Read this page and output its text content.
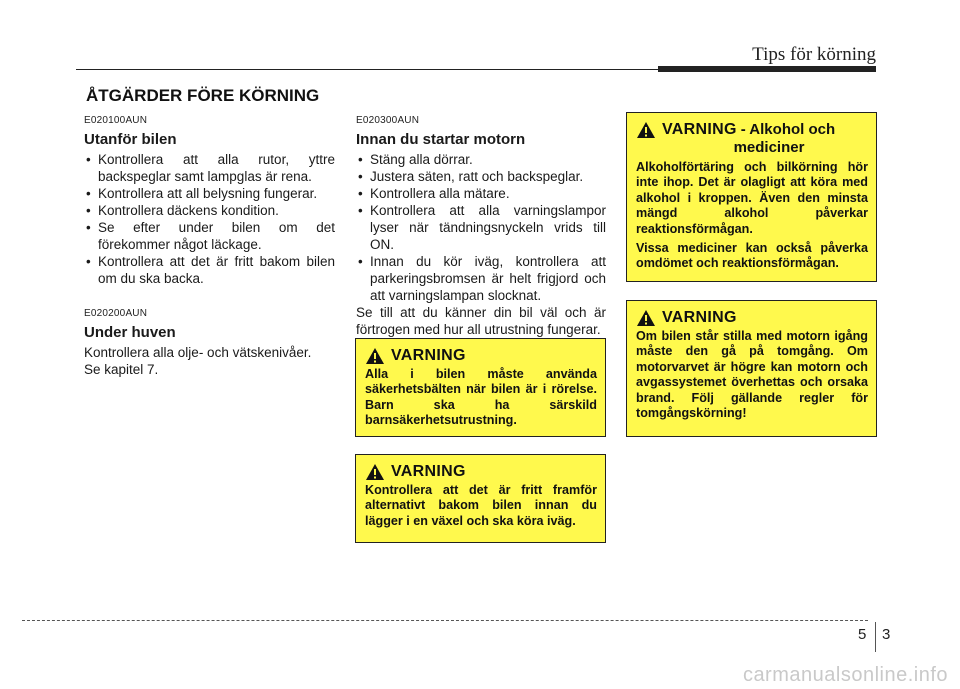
Tips för körning
ÅTGÄRDER FÖRE KÖRNING

E020100AUN

Utanför bilen

• Kontrollera att alla rutor, yttre backspeglar samt lampglas är rena.
• Kontrollera att all belysning fungerar.
• Kontrollera däckens kondition.
• Se efter under bilen om det förekommer något läckage.
• Kontrollera att det är fritt bakom bilen om du ska backa.

E020200AUN

Under huven

Kontrollera alla olje- och vätskenivåer.

Se kapitel 7.

E020300AUN

Innan du startar motorn

• Stäng alla dörrar.
• Justera säten, ratt och backspeglar.
• Kontrollera alla mätare.
• Kontrollera att alla varningslampor lyser när tändningsnyckeln vrids till ON.
• Innan du kör iväg, kontrollera att parkeringsbromsen är helt frigjord och att varningslampan slocknat.

Se till att du känner din bil väl och är förtrogen med hur all utrustning fungerar.

VARNING - Alkohol och
mediciner

Alkoholförtäring och bilkörning hör inte ihop. Det är olagligt att köra med alkohol i kroppen. Även den minsta mängd alkohol påverkar reaktionsförmågan.

Vissa mediciner kan också påverka omdömet och reaktionsförmågan.

VARNING

Om bilen står stilla med motorn igång måste den gå på tomgång. Om motorvarvet är högre kan motorn och avgassystemet överhettas och orsaka brand. Följ gällande regler för tomgångskörning!

VARNING

Alla i bilen måste använda säkerhetsbälten när bilen är i rörelse. Barn ska ha särskild barnsäkerhetsutrustning.

VARNING

Kontrollera att det är fritt framför alternativt bakom bilen innan du lägger i en växel och ska köra iväg.

5 3
carmanualsonline.info
